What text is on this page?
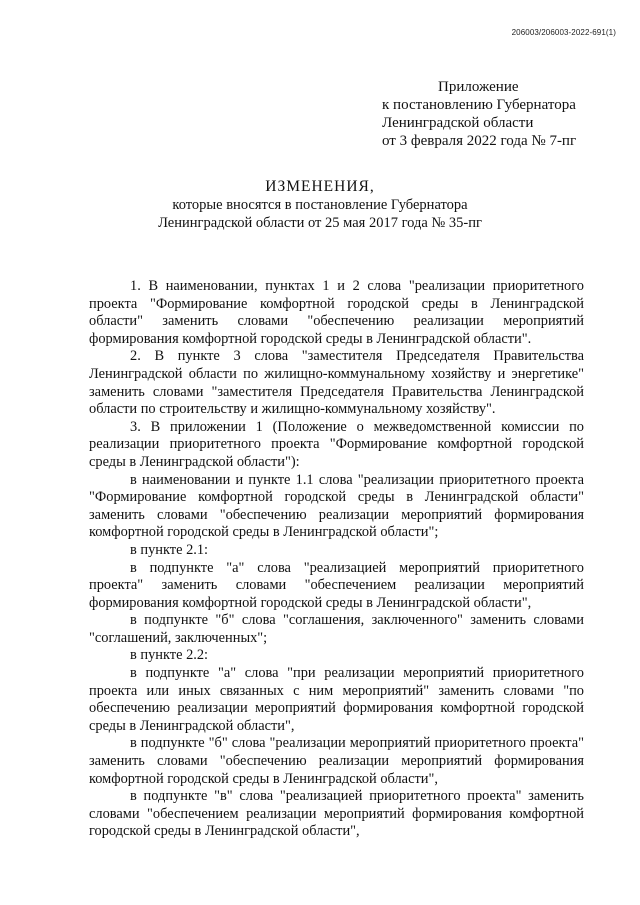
206003/206003-2022-691(1)
Приложение
к постановлению Губернатора
Ленинградской области
от 3 февраля 2022 года № 7-пг
ИЗМЕНЕНИЯ,
которые вносятся в постановление Губернатора
Ленинградской области от 25 мая 2017 года № 35-пг

1. В наименовании, пунктах 1 и 2 слова "реализации приоритетного проекта "Формирование комфортной городской среды в Ленинградской области" заменить словами "обеспечению реализации мероприятий формирования комфортной городской среды в Ленинградской области".

2. В пункте 3 слова "заместителя Председателя Правительства Ленинградской области по жилищно-коммунальному хозяйству и энергетике" заменить словами "заместителя Председателя Правительства Ленинградской области по строительству и жилищно-коммунальному хозяйству".

3. В приложении 1 (Положение о межведомственной комиссии по реализации приоритетного проекта "Формирование комфортной городской среды в Ленинградской области"):

в наименовании и пункте 1.1 слова "реализации приоритетного проекта "Формирование комфортной городской среды в Ленинградской области" заменить словами "обеспечению реализации мероприятий формирования комфортной городской среды в Ленинградской области";

в пункте 2.1:

в подпункте "а" слова "реализацией мероприятий приоритетного проекта" заменить словами "обеспечением реализации мероприятий формирования комфортной городской среды в Ленинградской области",

в подпункте "б" слова "соглашения, заключенного" заменить словами "соглашений, заключенных";

в пункте 2.2:

в подпункте "а" слова "при реализации мероприятий приоритетного проекта или иных связанных с ним мероприятий" заменить словами "по обеспечению реализации мероприятий формирования комфортной городской среды в Ленинградской области",

в подпункте "б" слова "реализации мероприятий приоритетного проекта" заменить словами "обеспечению реализации мероприятий формирования комфортной городской среды в Ленинградской области",

в подпункте "в" слова "реализацией приоритетного проекта" заменить словами "обеспечением реализации мероприятий формирования комфортной городской среды в Ленинградской области",
